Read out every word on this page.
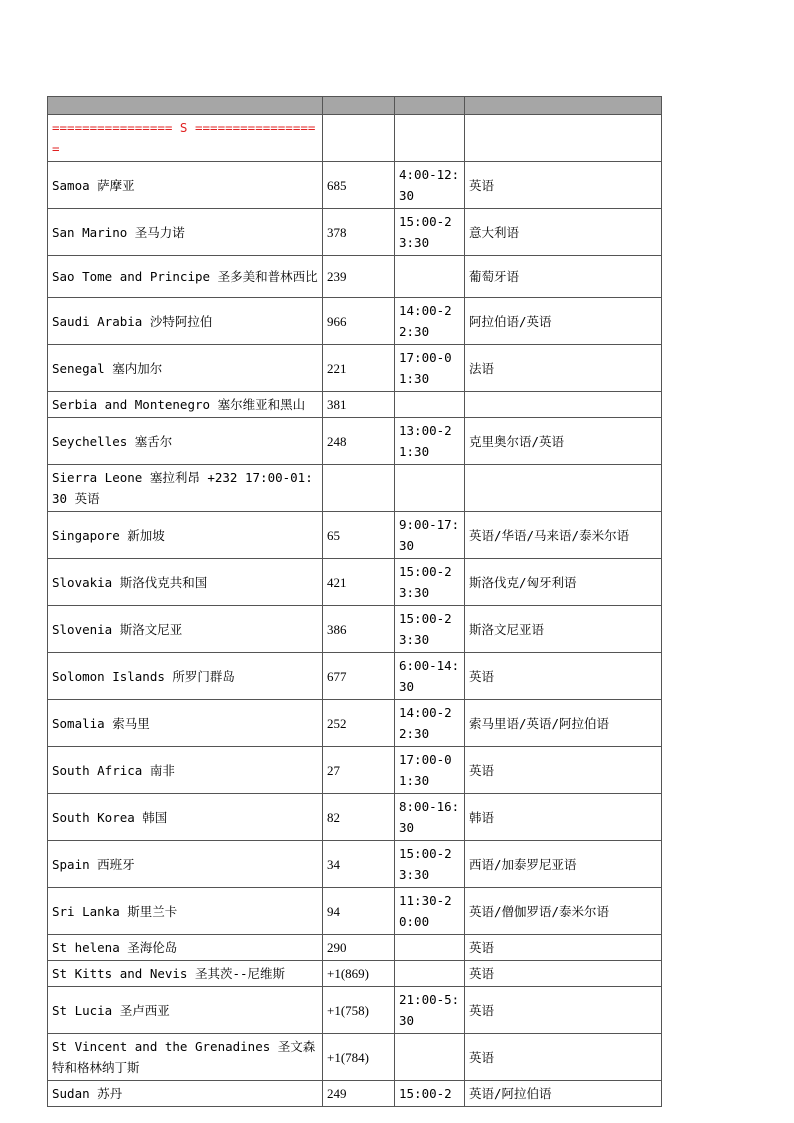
================ S =================			
Samoa 萨摩亚	685	4:00-12:30	英语
San Marino 圣马力诺	378	15:00-23:30	意大利语
Sao Tome and Principe 圣多美和普林西比	239		葡萄牙语
Saudi Arabia 沙特阿拉伯	966	14:00-22:30	阿拉伯语/英语
Senegal 塞内加尔	221	17:00-01:30	法语
Serbia and Montenegro 塞尔维亚和黑山	381		
Seychelles 塞舌尔	248	13:00-21:30	克里奥尔语/英语
Sierra Leone 塞拉利昂 +232 17:00-01:30 英语			
Singapore 新加坡	65	9:00-17:30	英语/华语/马来语/泰米尔语
Slovakia 斯洛伐克共和国	421	15:00-23:30	斯洛伐克/匈牙利语
Slovenia 斯洛文尼亚	386	15:00-23:30	斯洛文尼亚语
Solomon Islands 所罗门群岛	677	6:00-14:30	英语
Somalia 索马里	252	14:00-22:30	索马里语/英语/阿拉伯语
South Africa 南非	27	17:00-01:30	英语
South Korea 韩国	82	8:00-16:30	韩语
Spain 西班牙	34	15:00-23:30	西语/加泰罗尼亚语
Sri Lanka 斯里兰卡	94	11:30-20:00	英语/僧伽罗语/泰米尔语
St helena 圣海伦岛	290		英语
St Kitts and Nevis 圣其茨--尼维斯	+1(869)		英语
St Lucia 圣卢西亚	+1(758)	21:00-5:30	英语
St Vincent and the Grenadines 圣文森特和格林纳丁斯	+1(784)		英语
Sudan 苏丹	249	15:00-2	英语/阿拉伯语
